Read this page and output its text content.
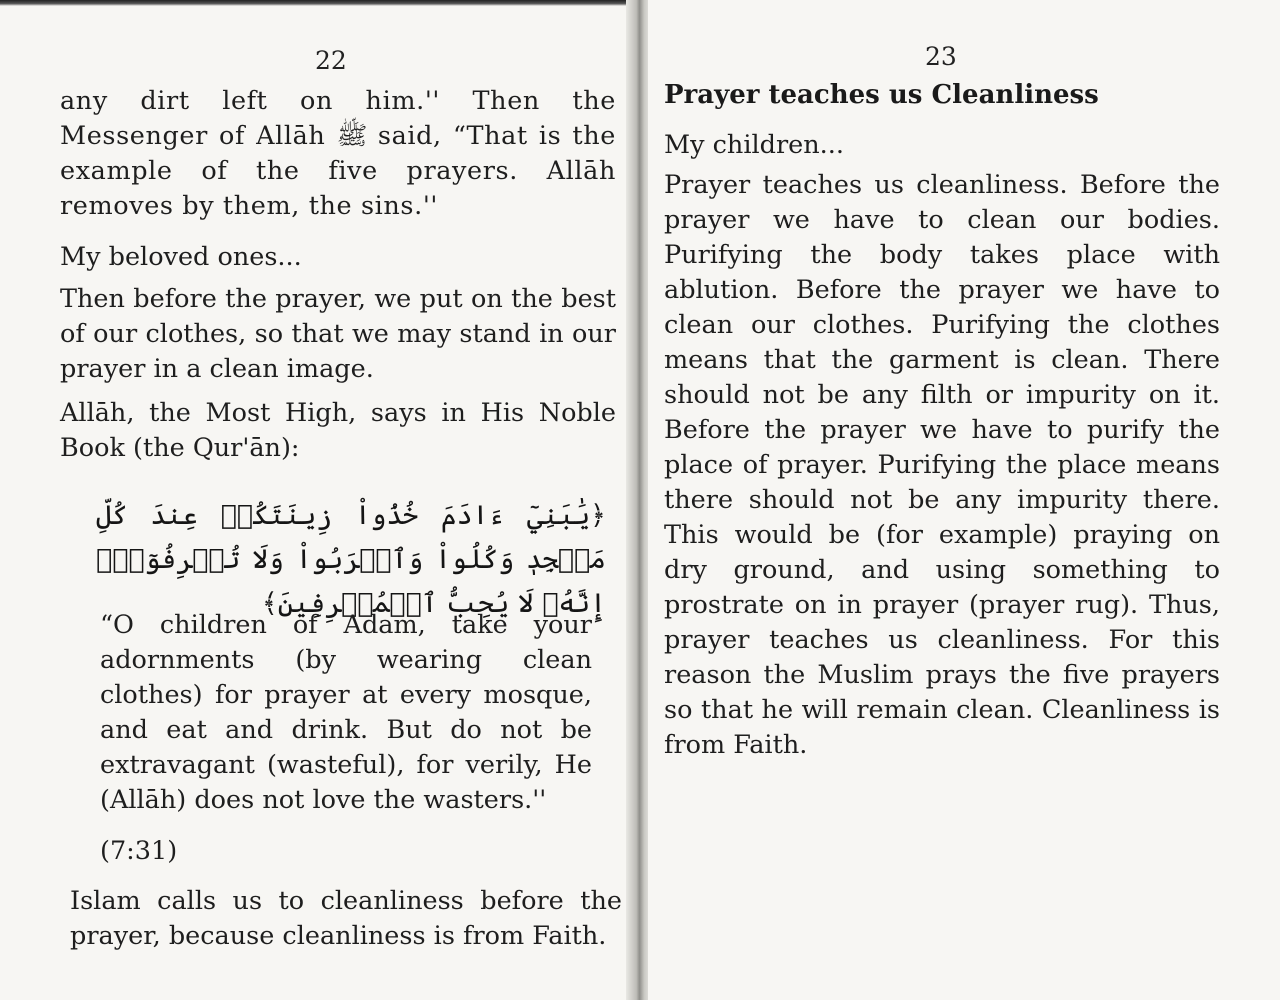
22

any dirt left on him.'' Then the Messenger of Allāh ﷺ said, “That is the example of the five prayers. Allāh removes by them, the sins.''

My beloved ones...

Then before the prayer, we put on the best of our clothes, so that we may stand in our prayer in a clean image.

Allāh, the Most High, says in His Noble Book (the Qur'ān):

﴿يَٰبَنِيٓ ءَادَمَ خُذُواْ زِينَتَكُمۡ عِندَ كُلِّ مَسۡجِدٖ وَكُلُواْ وَٱشۡرَبُواْ وَلَا تُسۡرِفُوٓاْۚ إِنَّهُۥ لَا يُحِبُّ ٱلۡمُسۡرِفِينَ﴾

“O children of Adam, take your adornments (by wearing clean clothes) for prayer at every mosque, and eat and drink. But do not be extravagant (wasteful), for verily, He (Allāh) does not love the wasters.''

(7:31)

Islam calls us to cleanliness before the prayer, because cleanliness is from Faith.

23
Prayer teaches us Cleanliness

My children...

Prayer teaches us cleanliness. Before the prayer we have to clean our bodies. Purifying the body takes place with ablution. Before the prayer we have to clean our clothes. Purifying the clothes means that the garment is clean. There should not be any filth or impurity on it. Before the prayer we have to purify the place of prayer. Purifying the place means there should not be any impurity there. This would be (for example) praying on dry ground, and using something to prostrate on in prayer (prayer rug). Thus, prayer teaches us cleanliness. For this reason the Muslim prays the five prayers so that he will remain clean. Cleanliness is from Faith.
